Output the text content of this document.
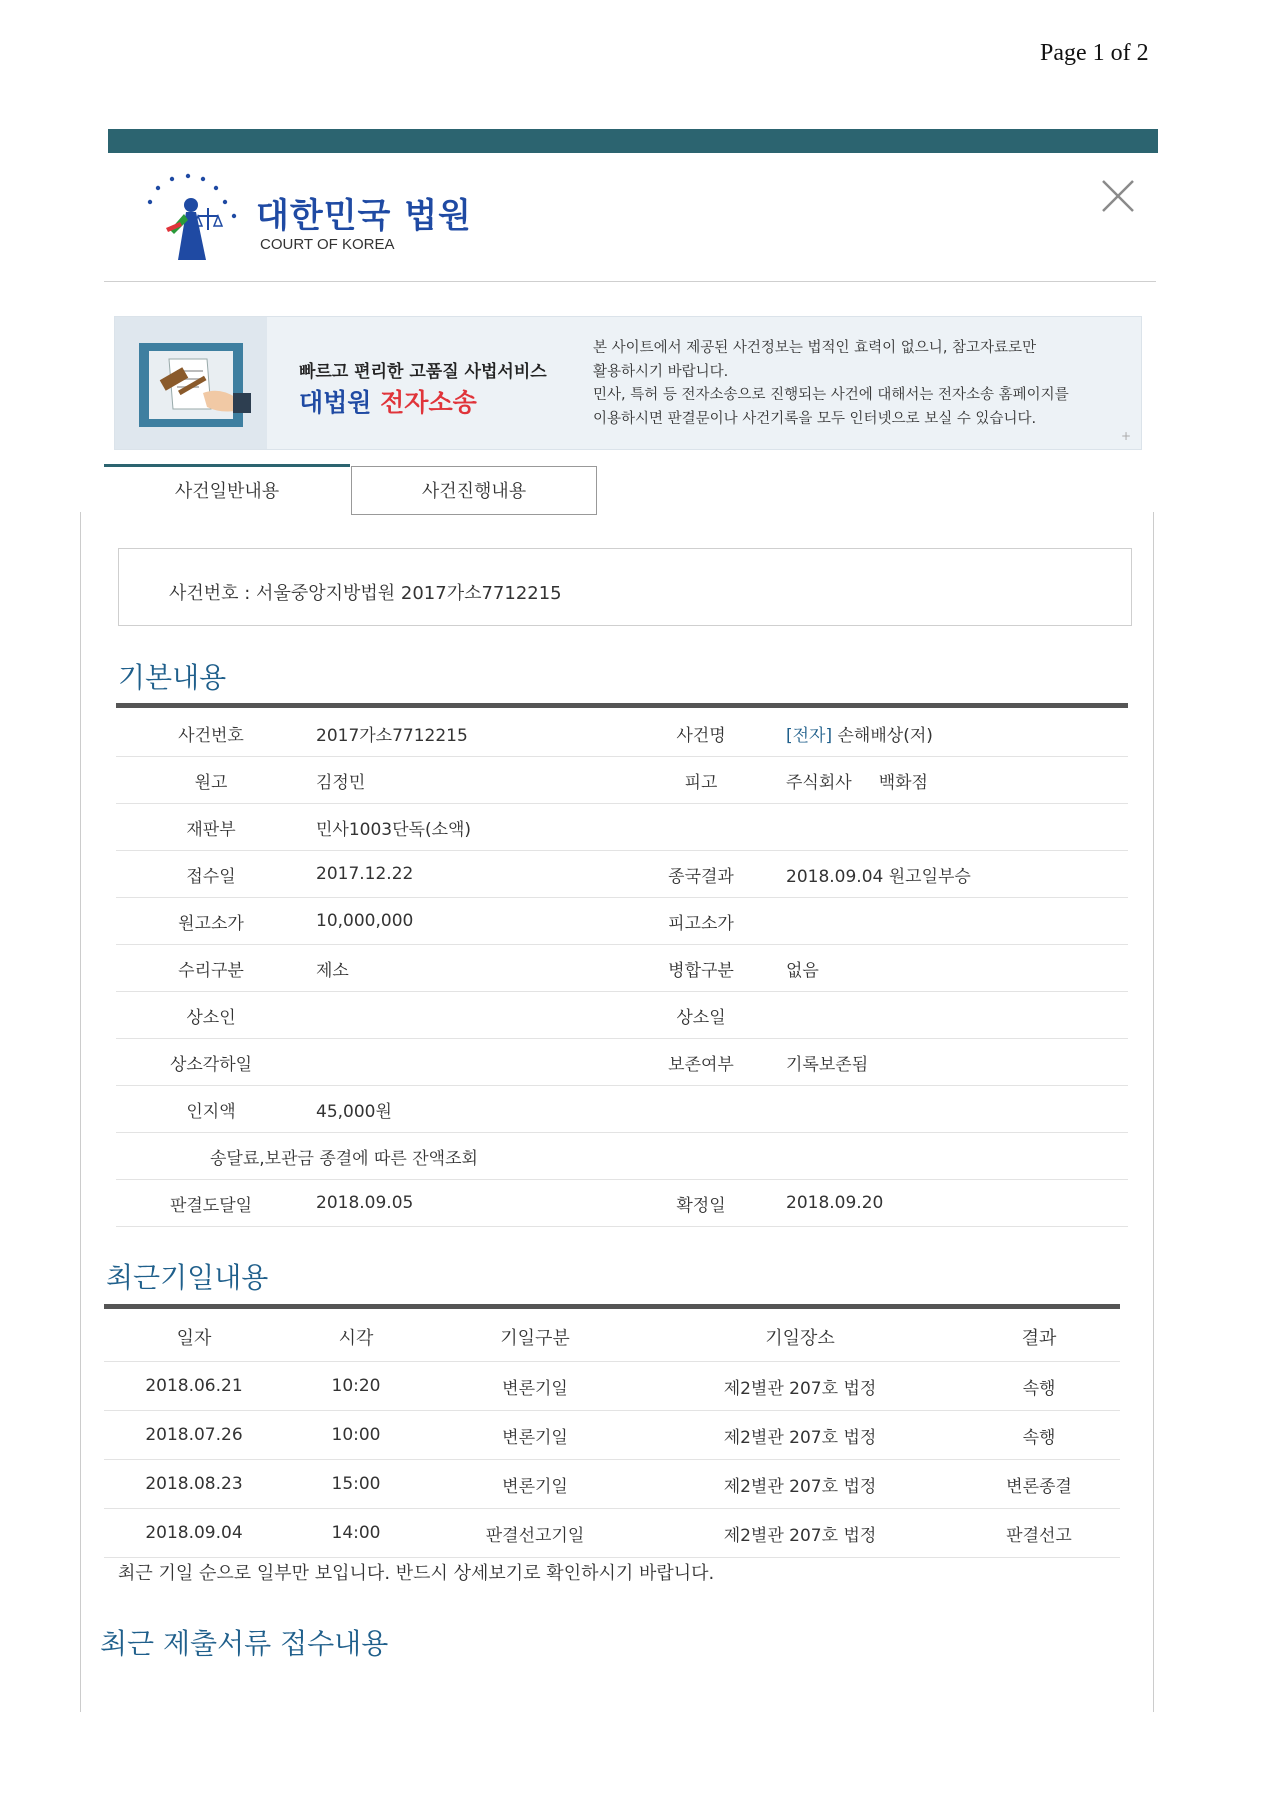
Page 1 of 2
대한민국 법원
COURT OF KOREA
빠르고 편리한 고품질 사법서비스
대법원 전자소송
본 사이트에서 제공된 사건정보는 법적인 효력이 없으니, 참고자료로만
활용하시기 바랍니다.
민사, 특허 등 전자소송으로 진행되는 사건에 대해서는 전자소송 홈페이지를
이용하시면 판결문이나 사건기록을 모두 인터넷으로 보실 수 있습니다.
+
사건일반내용	사건진행내용
사건번호 : 서울중앙지방법원 2017가소7712215
기본내용
사건번호	2017가소7712215	사건명	[전자] 손해배상(저)
원고	김정민	피고	주식회사     백화점
재판부	민사1003단독(소액)		
접수일	2017.12.22	종국결과	2018.09.04 원고일부승
원고소가	10,000,000	피고소가	
수리구분	제소	병합구분	없음
상소인		상소일	
상소각하일		보존여부	기록보존됨
인지액	45,000원		
송달료,보관금 종결에 따른 잔액조회			
판결도달일	2018.09.05	확정일	2018.09.20
최근기일내용
일자	시각	기일구분	기일장소	결과
2018.06.21	10:20	변론기일	제2별관 207호 법정	속행
2018.07.26	10:00	변론기일	제2별관 207호 법정	속행
2018.08.23	15:00	변론기일	제2별관 207호 법정	변론종결
2018.09.04	14:00	판결선고기일	제2별관 207호 법정	판결선고
최근 기일 순으로 일부만 보입니다. 반드시 상세보기로 확인하시기 바랍니다.
최근 제출서류 접수내용
